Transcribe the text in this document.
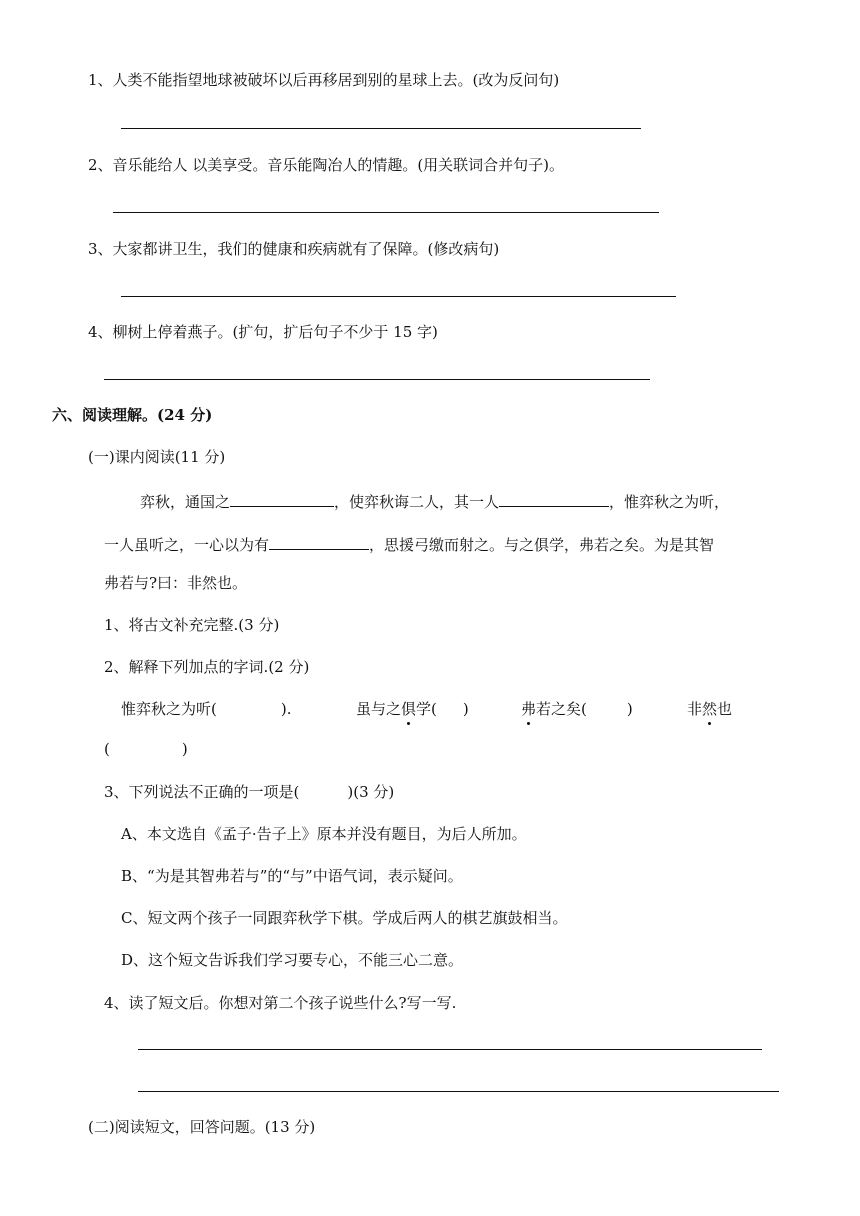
1、人类不能指望地球被破坏以后再移居到别的星球上去。(改为反问句)
2、音乐能给人 以美享受。音乐能陶冶人的情趣。(用关联词合并句子)。
3、大家都讲卫生，我们的健康和疾病就有了保障。(修改病句)
4、柳树上停着燕子。(扩句，扩后句子不少于 15 字)
六、阅读理解。(24 分)
(一)课内阅读(11 分)
弈秋，通国之	，使弈秋诲二人，其一人	，惟弈秋之为听，
一人虽听之，一心以为有	，思援弓缴而射之。与之俱学，弗若之矣。为是其智
弗若与?曰：非然也。
1、将古文补充完整.(3 分)
2、解释下列加点的字词.(2 分)
惟弈秋之为听(	).	虽与之俱学( )	弗若之矣(	)	非然也
(	)
3、下列说法不正确的一项是(	)(3 分)
A、本文选自《孟子·告子上》原本并没有题目，为后人所加。
B、“为是其智弗若与”的“与”中语气词，表示疑问。
C、短文两个孩子一同跟弈秋学下棋。学成后两人的棋艺旗鼓相当。
D、这个短文告诉我们学习要专心，不能三心二意。
4、读了短文后。你想对第二个孩子说些什么?写一写.
(二)阅读短文，回答问题。(13 分)
